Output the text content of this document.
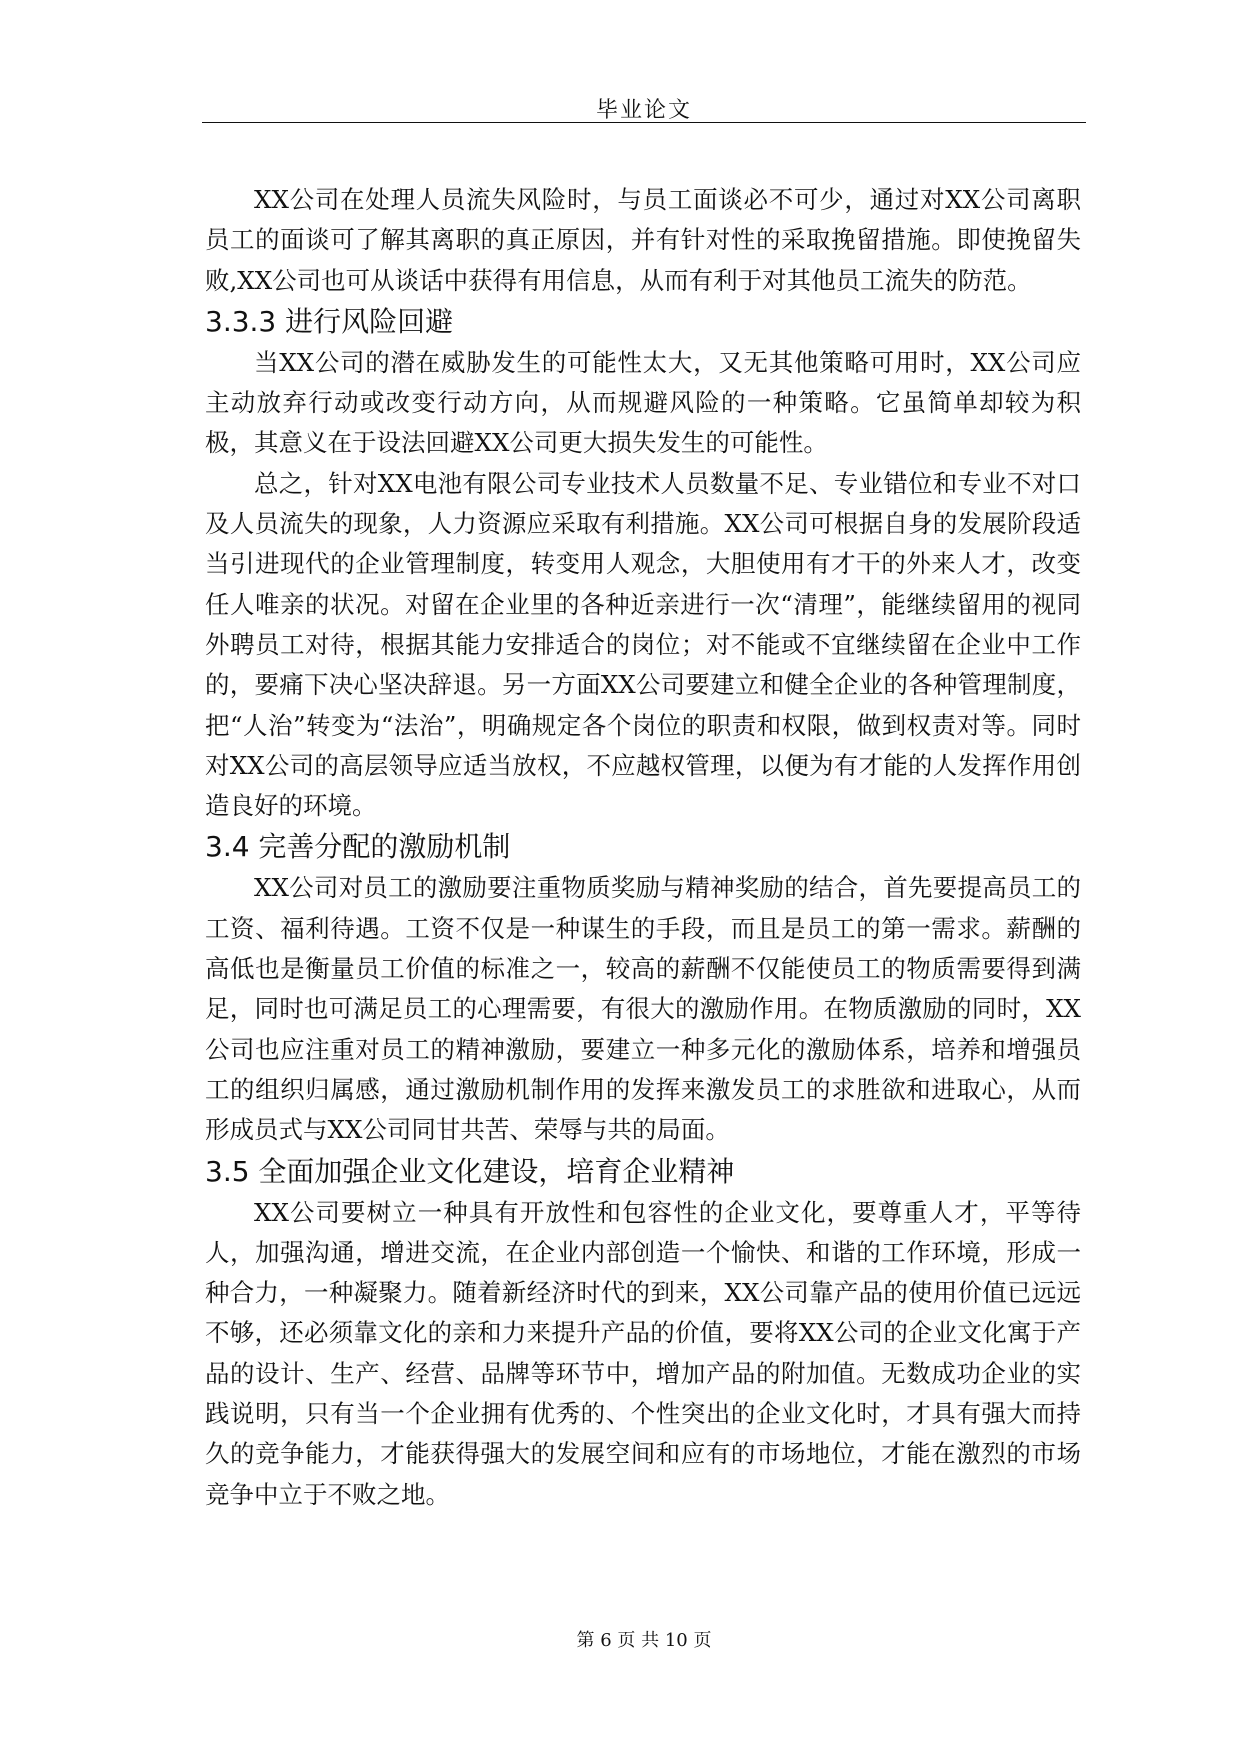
毕业论文

XX公司在处理人员流失风险时，与员工面谈必不可少，通过对XX公司离职员工的面谈可了解其离职的真正原因，并有针对性的采取挽留措施。即使挽留失败,XX公司也可从谈话中获得有用信息，从而有利于对其他员工流失的防范。

3.3.3 进行风险回避

当XX公司的潜在威胁发生的可能性太大，又无其他策略可用时，XX公司应主动放弃行动或改变行动方向，从而规避风险的一种策略。它虽简单却较为积极，其意义在于设法回避XX公司更大损失发生的可能性。

总之，针对XX电池有限公司专业技术人员数量不足、专业错位和专业不对口及人员流失的现象，人力资源应采取有利措施。XX公司可根据自身的发展阶段适当引进现代的企业管理制度，转变用人观念，大胆使用有才干的外来人才，改变任人唯亲的状况。对留在企业里的各种近亲进行一次“清理”，能继续留用的视同外聘员工对待，根据其能力安排适合的岗位；对不能或不宜继续留在企业中工作的，要痛下决心坚决辞退。另一方面XX公司要建立和健全企业的各种管理制度，把“人治”转变为“法治”，明确规定各个岗位的职责和权限，做到权责对等。同时对XX公司的高层领导应适当放权，不应越权管理，以便为有才能的人发挥作用创造良好的环境。

3.4 完善分配的激励机制

XX公司对员工的激励要注重物质奖励与精神奖励的结合，首先要提高员工的工资、福利待遇。工资不仅是一种谋生的手段，而且是员工的第一需求。薪酬的高低也是衡量员工价值的标准之一，较高的薪酬不仅能使员工的物质需要得到满足，同时也可满足员工的心理需要，有很大的激励作用。在物质激励的同时，XX公司也应注重对员工的精神激励，要建立一种多元化的激励体系，培养和增强员工的组织归属感，通过激励机制作用的发挥来激发员工的求胜欲和进取心，从而形成员式与XX公司同甘共苦、荣辱与共的局面。

3.5 全面加强企业文化建设，培育企业精神

XX公司要树立一种具有开放性和包容性的企业文化，要尊重人才，平等待人，加强沟通，增进交流，在企业内部创造一个愉快、和谐的工作环境，形成一种合力，一种凝聚力。随着新经济时代的到来，XX公司靠产品的使用价值已远远不够，还必须靠文化的亲和力来提升产品的价值，要将XX公司的企业文化寓于产品的设计、生产、经营、品牌等环节中，增加产品的附加值。无数成功企业的实践说明，只有当一个企业拥有优秀的、个性突出的企业文化时，才具有强大而持久的竞争能力，才能获得强大的发展空间和应有的市场地位，才能在激烈的市场竞争中立于不败之地。

第 6 页 共 10 页
